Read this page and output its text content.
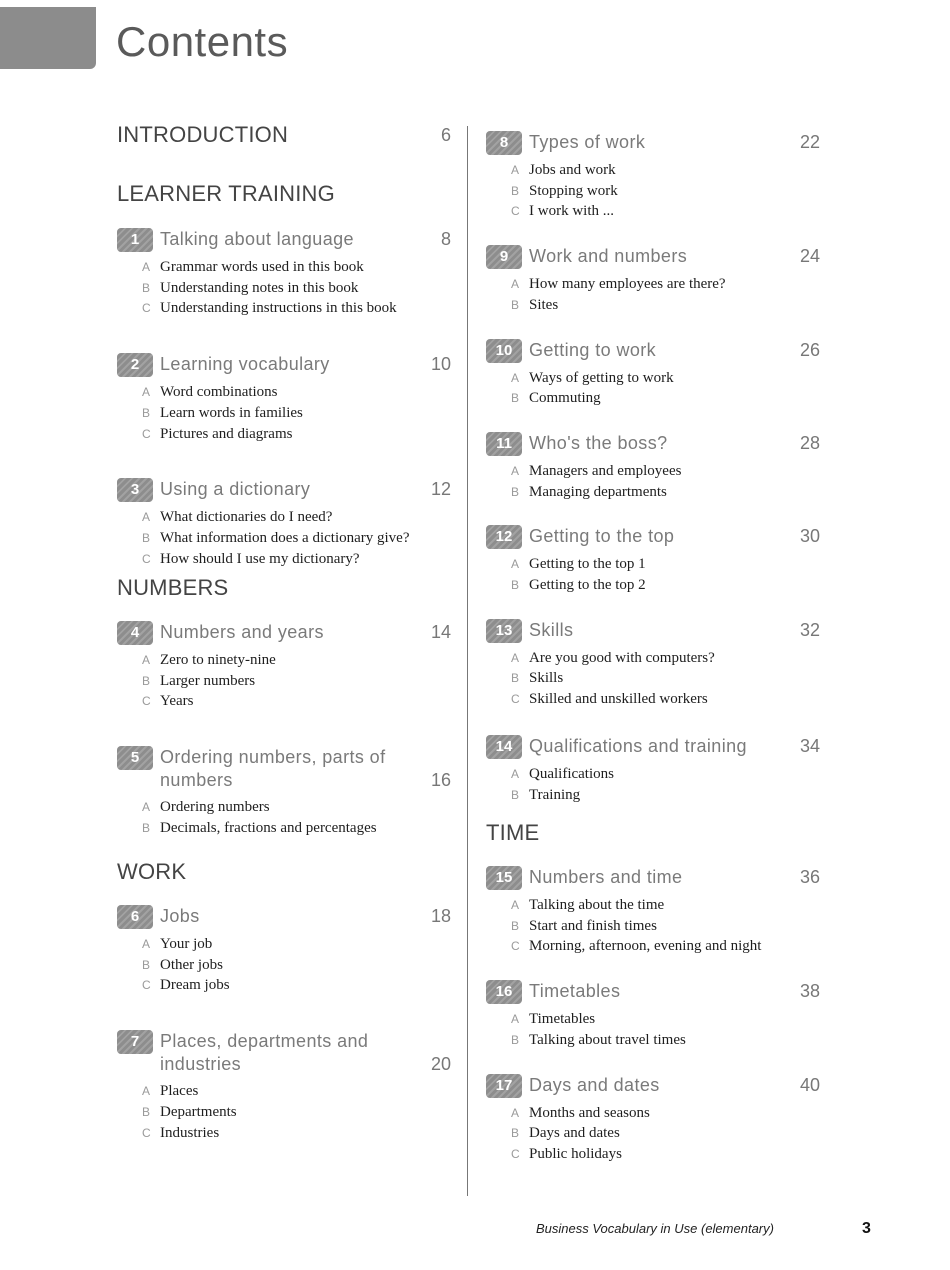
Contents
INTRODUCTION	6
LEARNER TRAINING
1	Talking about language	8
A Grammar words used in this book
B Understanding notes in this book
C Understanding instructions in this book
2	Learning vocabulary	10
A Word combinations
B Learn words in families
C Pictures and diagrams
3	Using a dictionary	12
A What dictionaries do I need?
B What information does a dictionary give?
C How should I use my dictionary?
NUMBERS
4	Numbers and years	14
A Zero to ninety-nine
B Larger numbers
C Years
5	Ordering numbers, parts of numbers	16
A Ordering numbers
B Decimals, fractions and percentages
WORK
6	Jobs	18
A Your job
B Other jobs
C Dream jobs
7	Places, departments and industries	20
A Places
B Departments
C Industries
8	Types of work	22
A Jobs and work
B Stopping work
C I work with ...
9	Work and numbers	24
A How many employees are there?
B Sites
10 Getting to work	26
A Ways of getting to work
B Commuting
11 Who's the boss?	28
A Managers and employees
B Managing departments
12 Getting to the top	30
A Getting to the top 1
B Getting to the top 2
13 Skills	32
A Are you good with computers?
B Skills
C Skilled and unskilled workers
14 Qualifications and training	34
A Qualifications
B Training
TIME
15 Numbers and time	36
A Talking about the time
B Start and finish times
C Morning, afternoon, evening and night
16 Timetables	38
A Timetables
B Talking about travel times
17 Days and dates	40
A Months and seasons
B Days and dates
C Public holidays
Business Vocabulary in Use (elementary)	3
